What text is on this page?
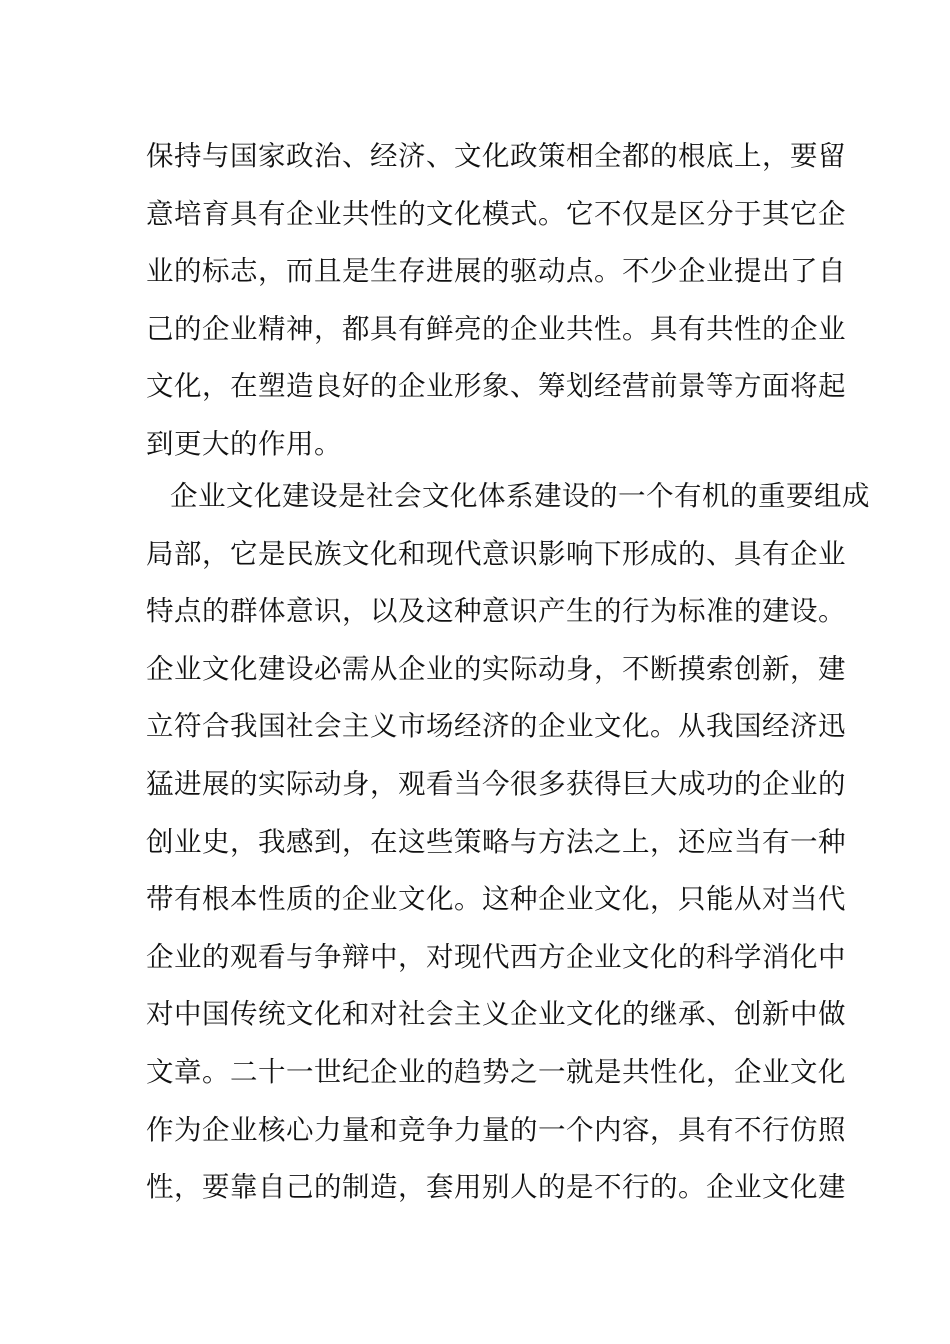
保持与国家政治、经济、文化政策相全都的根底上，要留
意培育具有企业共性的文化模式。它不仅是区分于其它企
业的标志，而且是生存进展的驱动点。不少企业提出了自
己的企业精神，都具有鲜亮的企业共性。具有共性的企业
文化，在塑造良好的企业形象、筹划经营前景等方面将起
到更大的作用。
企业文化建设是社会文化体系建设的一个有机的重要组成
局部，它是民族文化和现代意识影响下形成的、具有企业
特点的群体意识，以及这种意识产生的行为标准的建设。
企业文化建设必需从企业的实际动身，不断摸索创新，建
立符合我国社会主义市场经济的企业文化。从我国经济迅
猛进展的实际动身，观看当今很多获得巨大成功的企业的
创业史，我感到，在这些策略与方法之上，还应当有一种
带有根本性质的企业文化。这种企业文化，只能从对当代
企业的观看与争辩中，对现代西方企业文化的科学消化中
对中国传统文化和对社会主义企业文化的继承、创新中做
文章。二十一世纪企业的趋势之一就是共性化，企业文化
作为企业核心力量和竞争力量的一个内容，具有不行仿照
性，要靠自己的制造，套用别人的是不行的。企业文化建
